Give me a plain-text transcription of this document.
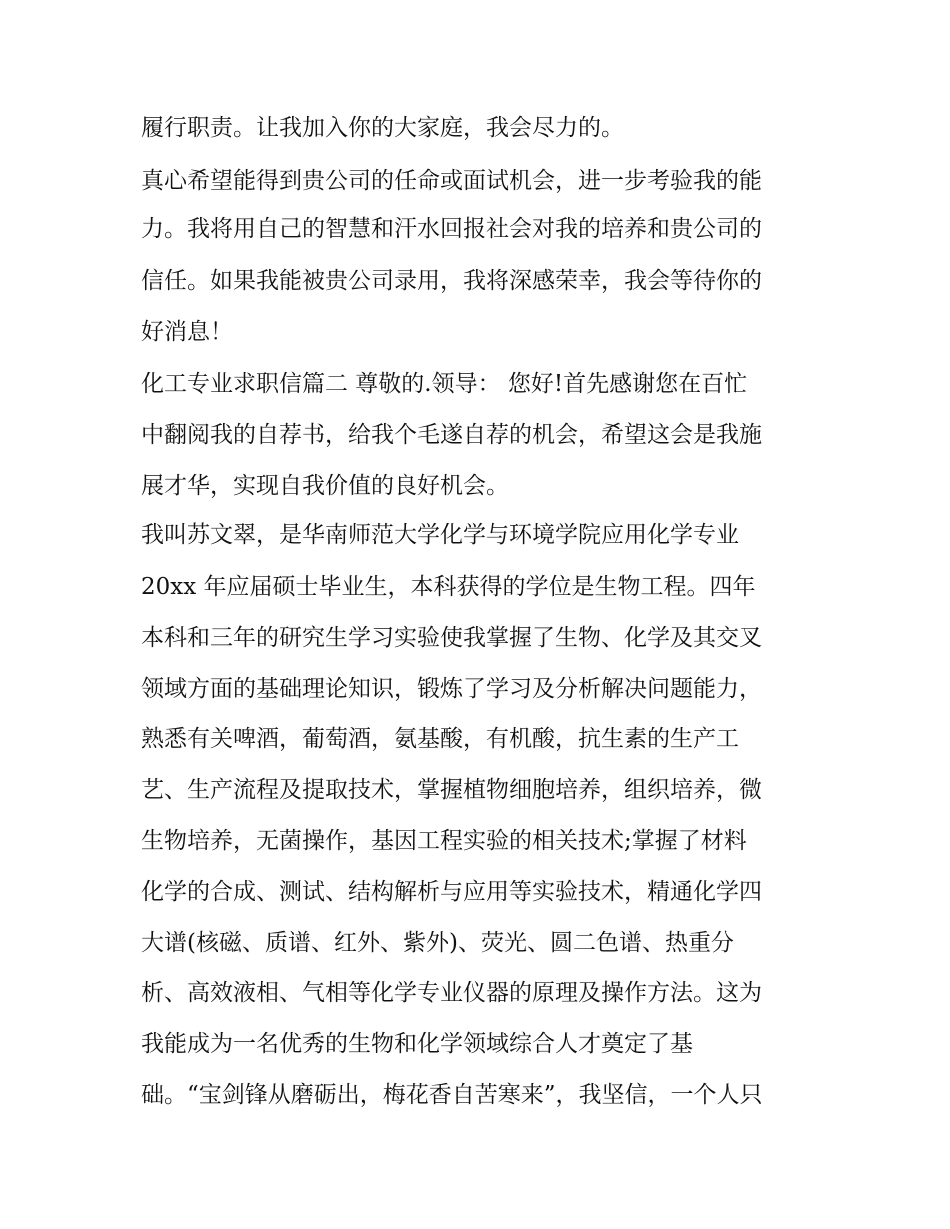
履行职责。让我加入你的大家庭，我会尽力的。
真心希望能得到贵公司的任命或面试机会，进一步考验我的能
力。我将用自己的智慧和汗水回报社会对我的培养和贵公司的
信任。如果我能被贵公司录用，我将深感荣幸，我会等待你的
好消息！
化工专业求职信篇二 尊敬的.领导： 您好!首先感谢您在百忙
中翻阅我的自荐书，给我个毛遂自荐的机会，希望这会是我施
展才华，实现自我价值的良好机会。
我叫苏文翠，是华南师范大学化学与环境学院应用化学专业
20xx 年应届硕士毕业生，本科获得的学位是生物工程。四年
本科和三年的研究生学习实验使我掌握了生物、化学及其交叉
领域方面的基础理论知识，锻炼了学习及分析解决问题能力，
熟悉有关啤酒，葡萄酒，氨基酸，有机酸，抗生素的生产工
艺、生产流程及提取技术，掌握植物细胞培养，组织培养，微
生物培养，无菌操作，基因工程实验的相关技术;掌握了材料
化学的合成、测试、结构解析与应用等实验技术，精通化学四
大谱(核磁、质谱、红外、紫外)、荧光、圆二色谱、热重分
析、高效液相、气相等化学专业仪器的原理及操作方法。这为
我能成为一名优秀的生物和化学领域综合人才奠定了基
础。“宝剑锋从磨砺出，梅花香自苦寒来”，我坚信，一个人只
